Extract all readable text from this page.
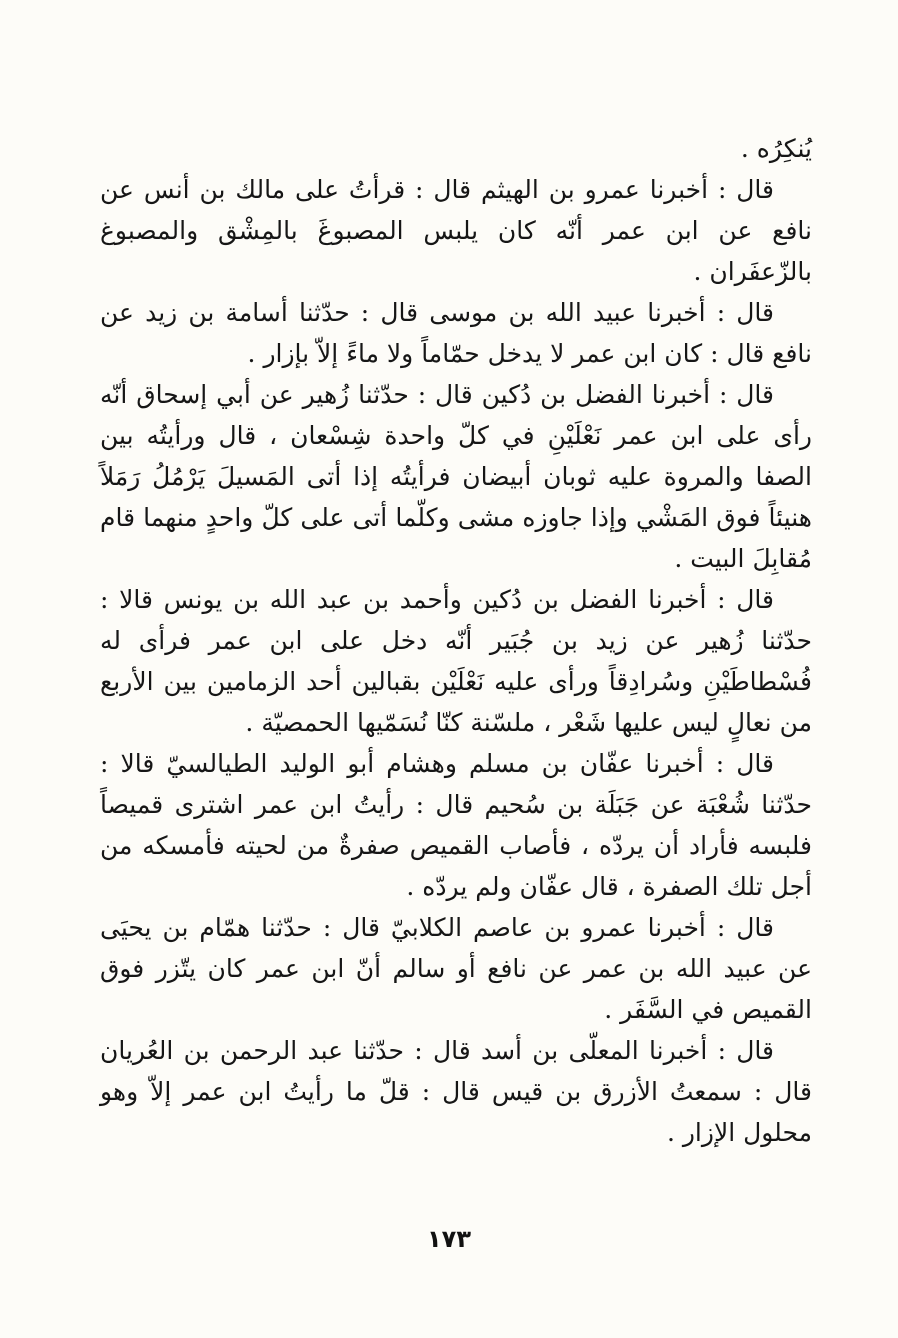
يُنكِرُه .

قال : أخبرنا عمرو بن الهيثم قال : قرأتُ على مالك بن أنس عن نافع عن ابن عمر أنّه كان يلبس المصبوغَ بالمِشْق والمصبوغ بالزّعفَران .

قال : أخبرنا عبيد الله بن موسى قال : حدّثنا أسامة بن زيد عن نافع قال : كان ابن عمر لا يدخل حمّاماً ولا ماءً إلاّ بإزار .

قال : أخبرنا الفضل بن دُكين قال : حدّثنا زُهير عن أبي إسحاق أنّه رأى على ابن عمر نَعْلَيْنِ في كلّ واحدة شِسْعان ، قال ورأيتُه بين الصفا والمروة عليه ثوبان أبيضان فرأيتُه إذا أتى المَسيلَ يَرْمُلُ رَمَلاً هنيئاً فوق المَشْي وإذا جاوزه مشى وكلّما أتى على كلّ واحدٍ منهما قام مُقابِلَ البيت .

قال : أخبرنا الفضل بن دُكين وأحمد بن عبد الله بن يونس قالا : حدّثنا زُهير عن زيد بن جُبَير أنّه دخل على ابن عمر فرأى له فُسْطاطَيْنِ وسُرادِقاً ورأى عليه نَعْلَيْن بقبالين أحد الزمامين بين الأربع من نعالٍ ليس عليها شَعْر ، ملسّنة كنّا نُسَمّيها الحمصيّة .

قال : أخبرنا عفّان بن مسلم وهشام أبو الوليد الطيالسيّ قالا : حدّثنا شُعْبَة عن جَبَلَة بن سُحيم قال : رأيتُ ابن عمر اشترى قميصاً فلبسه فأراد أن يردّه ، فأصاب القميص صفرةٌ من لحيته فأمسكه من أجل تلك الصفرة ، قال عفّان ولم يردّه .

قال : أخبرنا عمرو بن عاصم الكلابيّ قال : حدّثنا همّام بن يحيَى عن عبيد الله بن عمر عن نافع أو سالم أنّ ابن عمر كان يتّزر فوق القميص في السَّفَر .

قال : أخبرنا المعلّى بن أسد قال : حدّثنا عبد الرحمن بن العُريان قال : سمعتُ الأزرق بن قيس قال : قلّ ما رأيتُ ابن عمر إلاّ وهو محلول الإزار .

١٧٣
